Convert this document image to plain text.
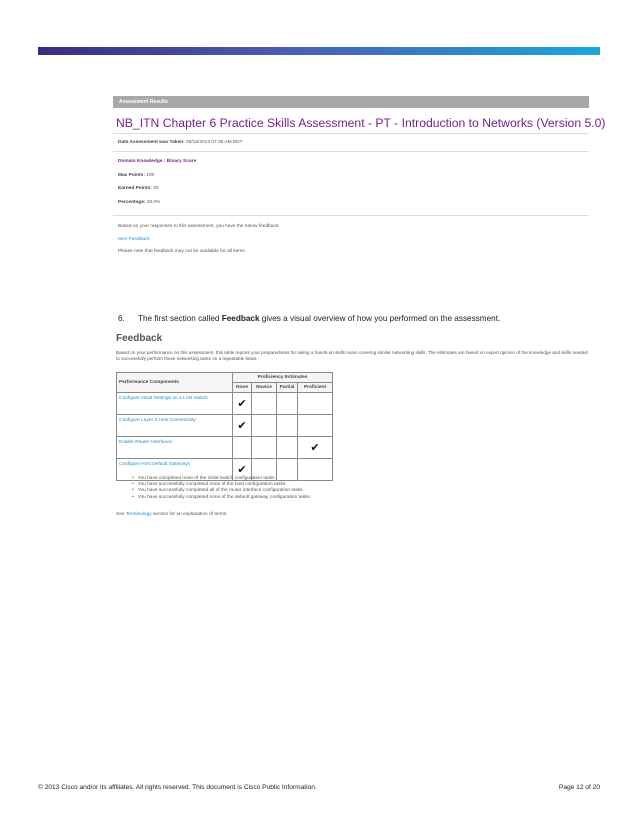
Assessment Results
NB_ITN Chapter 6 Practice Skills Assessment - PT - Introduction to Networks (Version 5.0)
Date Assessment was Taken: 06/15/2013 07:35 AM EDT
Domain Knowledge : Binary Score
Max Points: 100
Earned Points: 20
Percentage: 20.0%
Based on your responses to this assessment, you have the below feedback:
Item Feedback
Please note that feedback may not be available for all items.
6. The first section called Feedback gives a visual overview of how you performed on the assessment.
Feedback
Based on your performance on this assessment, this table reports your preparedness for taking a hands-on skills exam covering similar networking skills. The estimates are based on expert opinion of the knowledge and skills needed to successfully perform these networking tasks on a repeatable basis.
Performance Components	Proficiency Estimates			
	None	Novice	Partial	Proficient
Configure Initial Settings on a LAN Switch	✔			
Configure Layer 3 Host Connectivity	✔			
Enable Router Interfaces				✔
Configure Host Default Gateways	✔			
• You have completed none of the initial switch configuration tasks.
• You have successfully completed none of the host configuration tasks.
• You have successfully completed all of the router interface configuration tasks.
• You have successfully completed none of the default gateway configuration tasks.
See Terminology section for an explanation of terms.
© 2013 Cisco and/or its affiliates. All rights reserved. This document is Cisco Public Information.	Page 12 of 20
